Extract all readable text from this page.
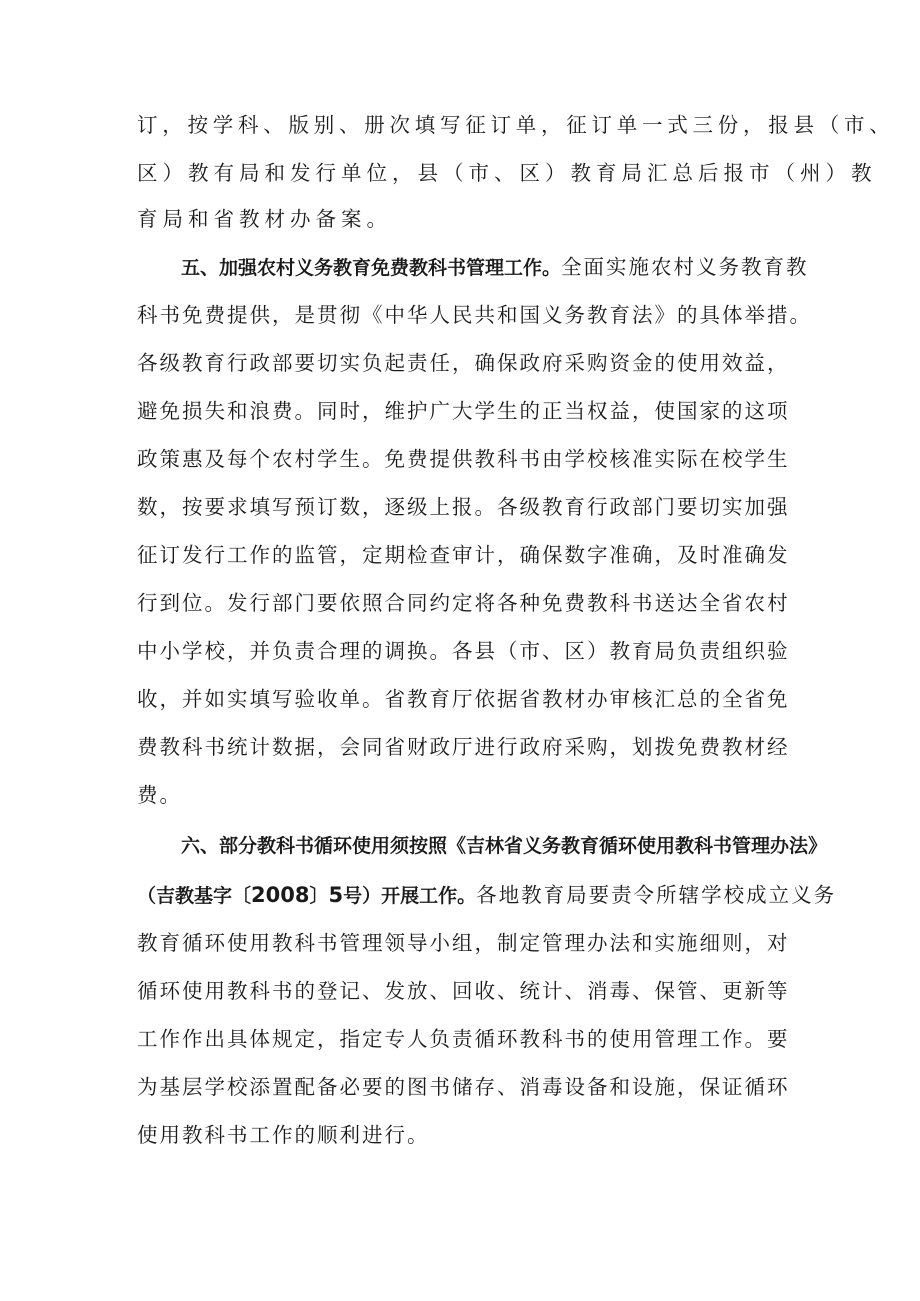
订，按学科、版别、册次填写征订单，征订单一式三份，报县（市、
区）教有局和发行单位，县（市、区）教育局汇总后报市（州）教
育局和省教材办备案。
五、加强农村义务教育免费教科书管理工作。全面实施农村义务教育教
科书免费提供，是贯彻《中华人民共和国义务教育法》的具体举措。
各级教育行政部要切实负起责任，确保政府采购资金的使用效益，
避免损失和浪费。同时，维护广大学生的正当权益，使国家的这项
政策惠及每个农村学生。免费提供教科书由学校核准实际在校学生
数，按要求填写预订数，逐级上报。各级教育行政部门要切实加强
征订发行工作的监管，定期检查审计，确保数字准确，及时准确发
行到位。发行部门要依照合同约定将各种免费教科书送达全省农村
中小学校，并负责合理的调换。各县（市、区）教育局负责组织验
收，并如实填写验收单。省教育厅依据省教材办审核汇总的全省免
费教科书统计数据，会同省财政厅进行政府采购，划拨免费教材经
费。
六、部分教科书循环使用须按照《吉林省义务教育循环使用教科书管理办法》
（吉教基字〔2008〕5号）开展工作。各地教育局要责令所辖学校成立义务
教育循环使用教科书管理领导小组，制定管理办法和实施细则，对
循环使用教科书的登记、发放、回收、统计、消毒、保管、更新等
工作作出具体规定，指定专人负责循环教科书的使用管理工作。要
为基层学校添置配备必要的图书储存、消毒设备和设施，保证循环
使用教科书工作的顺利进行。
